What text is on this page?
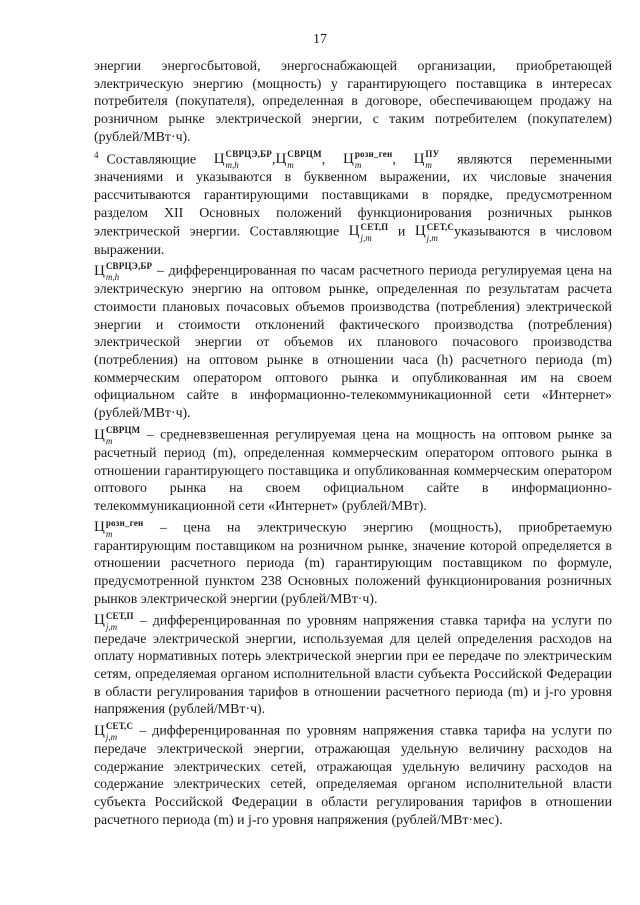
17

энергии энергосбытовой, энергоснабжающей организации, приобретающей электрическую энергию (мощность) у гарантирующего поставщика в интересах потребителя (покупателя), определенная в договоре, обеспечивающем продажу на розничном рынке электрической энергии, с таким потребителем (покупателем) (рублей/МВт·ч).

$^4$ Составляющие Ц СВРЦЭ,БР
m,h	,Ц СВРЦМ
m	, Ц розн_ген
m	, Ц ПУ
m	являются переменными значениями и указываются в буквенном выражении, их числовые значения рассчитываются гарантирующими поставщиками в порядке, предусмотренном разделом XII Основных положений функционирования розничных рынков электрической энергии. Составляющие Ц СЕТ,П
j,m	и Ц СЕТ,С
j,m	указываются в числовом выражении.

Ц СВРЦЭ,БР
m,h	– дифференцированная по часам расчетного периода регулируемая цена на электрическую энергию на оптовом рынке, определенная по результатам расчета стоимости плановых почасовых объемов производства (потребления) электрической энергии и стоимости отклонений фактического производства (потребления) электрической энергии от объемов их планового почасового производства (потребления) на оптовом рынке в отношении часа (h) расчетного периода (m) коммерческим оператором оптового рынка и опубликованная им на своем официальном сайте в информационно-телекоммуникационной сети «Интернет» (рублей/МВт·ч).

Ц СВРЦМ
m	– средневзвешенная регулируемая цена на мощность на оптовом рынке за расчетный период (m), определенная коммерческим оператором оптового рынка в отношении гарантирующего поставщика и опубликованная коммерческим оператором оптового рынка на своем официальном сайте в информационно-телекоммуникационной сети «Интернет» (рублей/МВт).

Ц розн_ген
m	– цена на электрическую энергию (мощность), приобретаемую гарантирующим поставщиком на розничном рынке, значение которой определяется в отношении расчетного периода (m) гарантирующим поставщиком по формуле, предусмотренной пунктом 238 Основных положений функционирования розничных рынков электрической энергии (рублей/МВт·ч).

Ц СЕТ,П
j,m	– дифференцированная по уровням напряжения ставка тарифа на услуги по передаче электрической энергии, используемая для целей определения расходов на оплату нормативных потерь электрической энергии при ее передаче по электрическим сетям, определяемая органом исполнительной власти субъекта Российской Федерации в области регулирования тарифов в отношении расчетного периода (m) и j-го уровня напряжения (рублей/МВт·ч).

Ц СЕТ,С
j,m	– дифференцированная по уровням напряжения ставка тарифа на услуги по передаче электрической энергии, отражающая удельную величину расходов на содержание электрических сетей, отражающая удельную величину расходов на содержание электрических сетей, определяемая органом исполнительной власти субъекта Российской Федерации в области регулирования тарифов в отношении расчетного периода (m) и j-го уровня напряжения (рублей/МВт·мес).
